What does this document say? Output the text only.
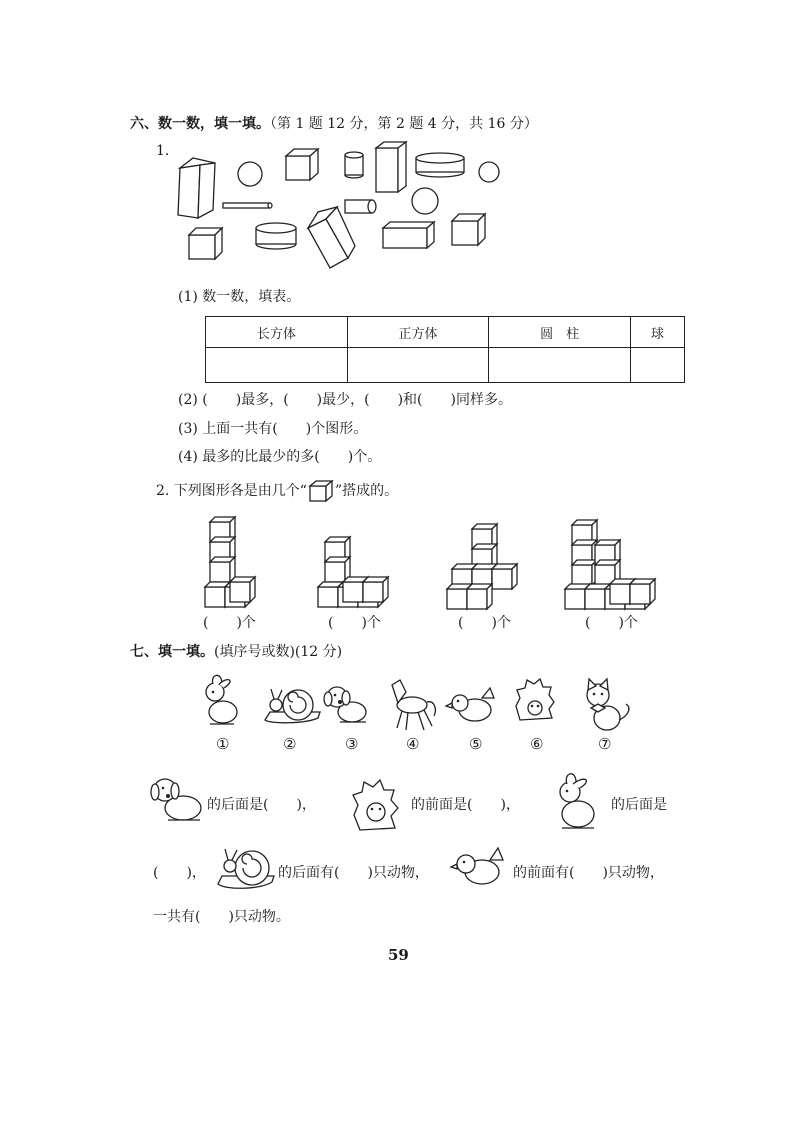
六、数一数，填一填。（第 1 题 12 分，第 2 题 4 分，共 16 分）
1.
(1) 数一数，填表。
长方体	正方体	圆　柱	球

(2) (　　)最多，(　　)最少，(　　)和(　　)同样多。
(3) 上面一共有(　　)个图形。
(4) 最多的比最少的多(　　)个。
2. 下列图形各是由几个“ ”搭成的。
(　　)个	(　　)个	(　　)个	(　　)个
七、填一填。(填序号或数)(12 分)
①	②	③	④	⑤	⑥	⑦
的后面是(　　)，	的前面是(　　)，	的后面是
(　　)，	的后面有(　　)只动物，	的前面有(　　)只动物，
一共有(　　)只动物。
59
